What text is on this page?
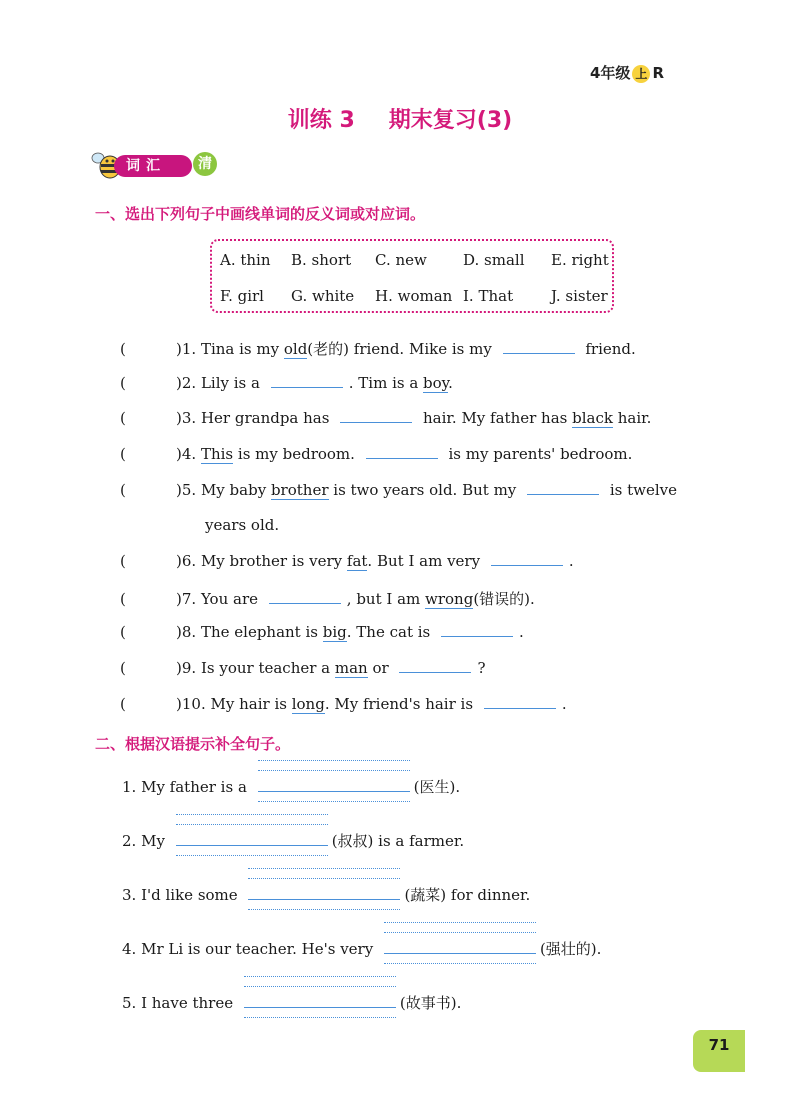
4年级 上 R
训练 3 期末复习(3)
词汇	清
一、选出下列句子中画线单词的反义词或对应词。
A. thin B. short C. new D. small E. right
F. girl G. white H. woman I. That	J. sister
(	)1. Tina is my old(老的) friend. Mike is my	friend.
(	)2. Lily is a	. Tim is a boy.
(	)3. Her grandpa has	hair. My father has black hair.
(	)4. This is my bedroom.	is my parents' bedroom.
(	)5. My baby brother is two years old. But my	is twelve
years old.
(	)6. My brother is very fat. But I am very	.
(	)7. You are	, but I am wrong(错误的).
(	)8. The elephant is big. The cat is	.
(	)9. Is your teacher a man or	?
(	)10. My hair is long. My friend's hair is	.
二、根据汉语提示补全句子。
1. My father is a	(医生).
2. My	(叔叔) is a farmer.
3. I'd like some	(蔬菜) for dinner.
4. Mr Li is our teacher. He's very	(强壮的).
5. I have three	(故事书).
71
